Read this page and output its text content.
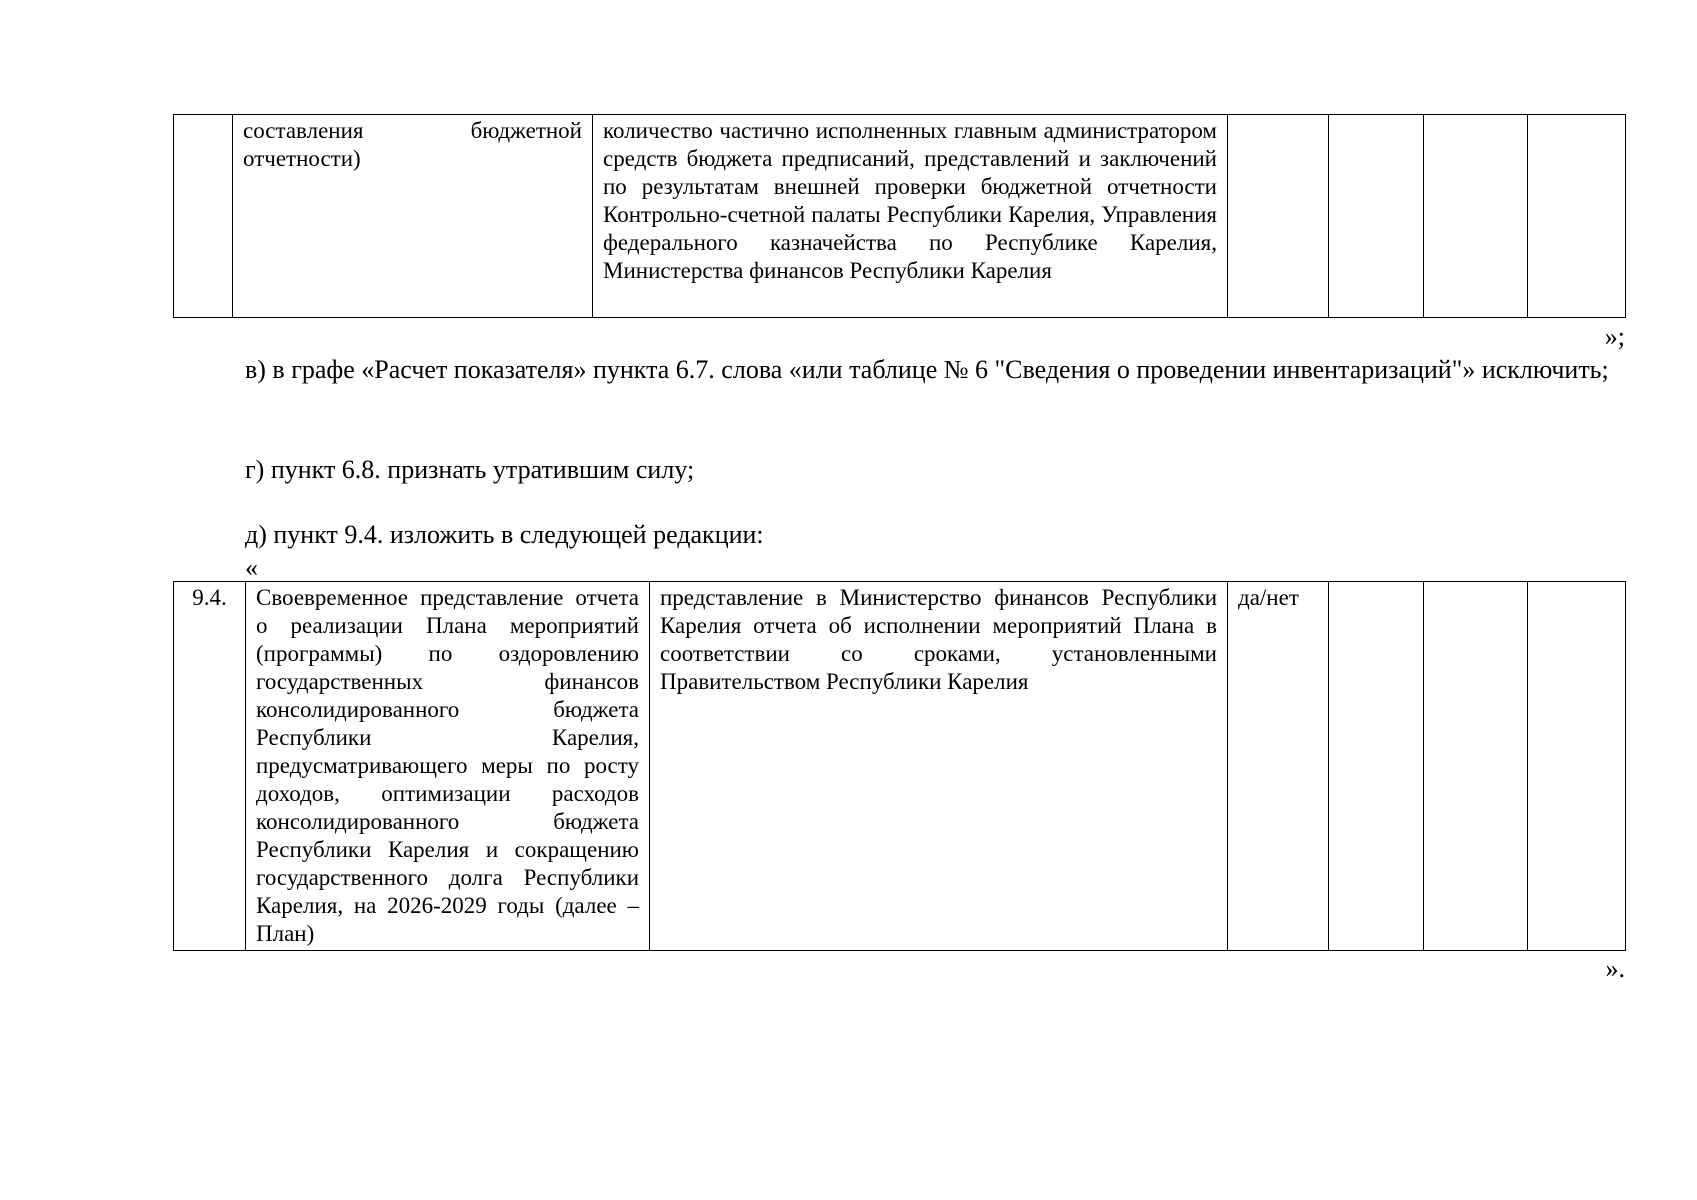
	составления бюджетной отчетности)	количество частично исполненных главным администратором средств бюджета предписаний, представлений и заключений по результатам внешней проверки бюджетной отчетности Контрольно-счетной палаты Республики Карелия, Управления федерального казначейства по Республике Карелия, Министерства финансов Республики Карелия				
»;
в) в графе «Расчет показателя» пункта 6.7. слова «или таблице № 6 "Сведения о проведении инвентаризаций"» исключить;
г) пункт 6.8. признать утратившим силу;
д) пункт 9.4. изложить в следующей редакции:
«
9.4.	Своевременное представление отчета о реализации Плана мероприятий (программы) по оздоровлению государственных финансов консолидированного бюджета Республики Карелия, предусматривающего меры по росту доходов, оптимизации расходов консолидированного бюджета Республики Карелия и сокращению государственного долга Республики Карелия, на 2026-2029 годы (далее – План)	представление в Министерство финансов Республики Карелия отчета об исполнении мероприятий Плана в соответствии со сроками, установленными Правительством Республики Карелия	да/нет			
».
